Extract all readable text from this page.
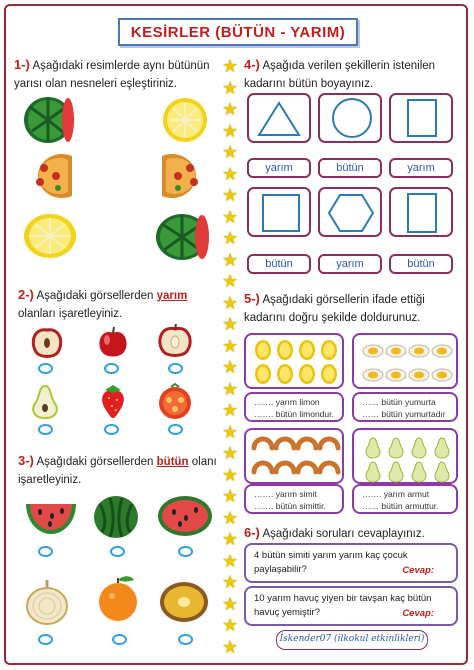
KESİRLER (BÜTÜN - YARIM)
★
★
★
★
★
★
★
★
★
★
★
★
★
★
★
★
★
★
★
★
★
★
★
★
★
★
★
★
1-) Aşağıdaki resimlerde aynı bütünün yarısı olan nesneleri eşleştiriniz.
2-) Aşağıdaki görsellerden yarım olanları işaretleyiniz.
3-) Aşağıdaki görsellerden bütün olanı işaretleyiniz.
4-) Aşağıda verilen şekillerin istenilen kadarını bütün boyayınız.
yarım	bütün	yarım
bütün	yarım	bütün
5-) Aşağıdaki görsellerin ifade ettiği kadarını doğru şekilde doldurunuz.
……. yarım limon
……. bütün limondur.
…… bütün yumurta
…… bütün yumurtadır
……. yarım simit
……. bütün simittir.
……. yarım armut
…… bütün armuttur.
6-) Aşağıdaki soruları cevaplayınız.
4 bütün simiti yarım yarım kaç çocuk paylaşabilir?	Cevap:
10 yarım havuç yiyen bir tavşan kaç bütün havuç yemiştir?	Cevap:
İskender07 (ilkokul etkinlikleri)
